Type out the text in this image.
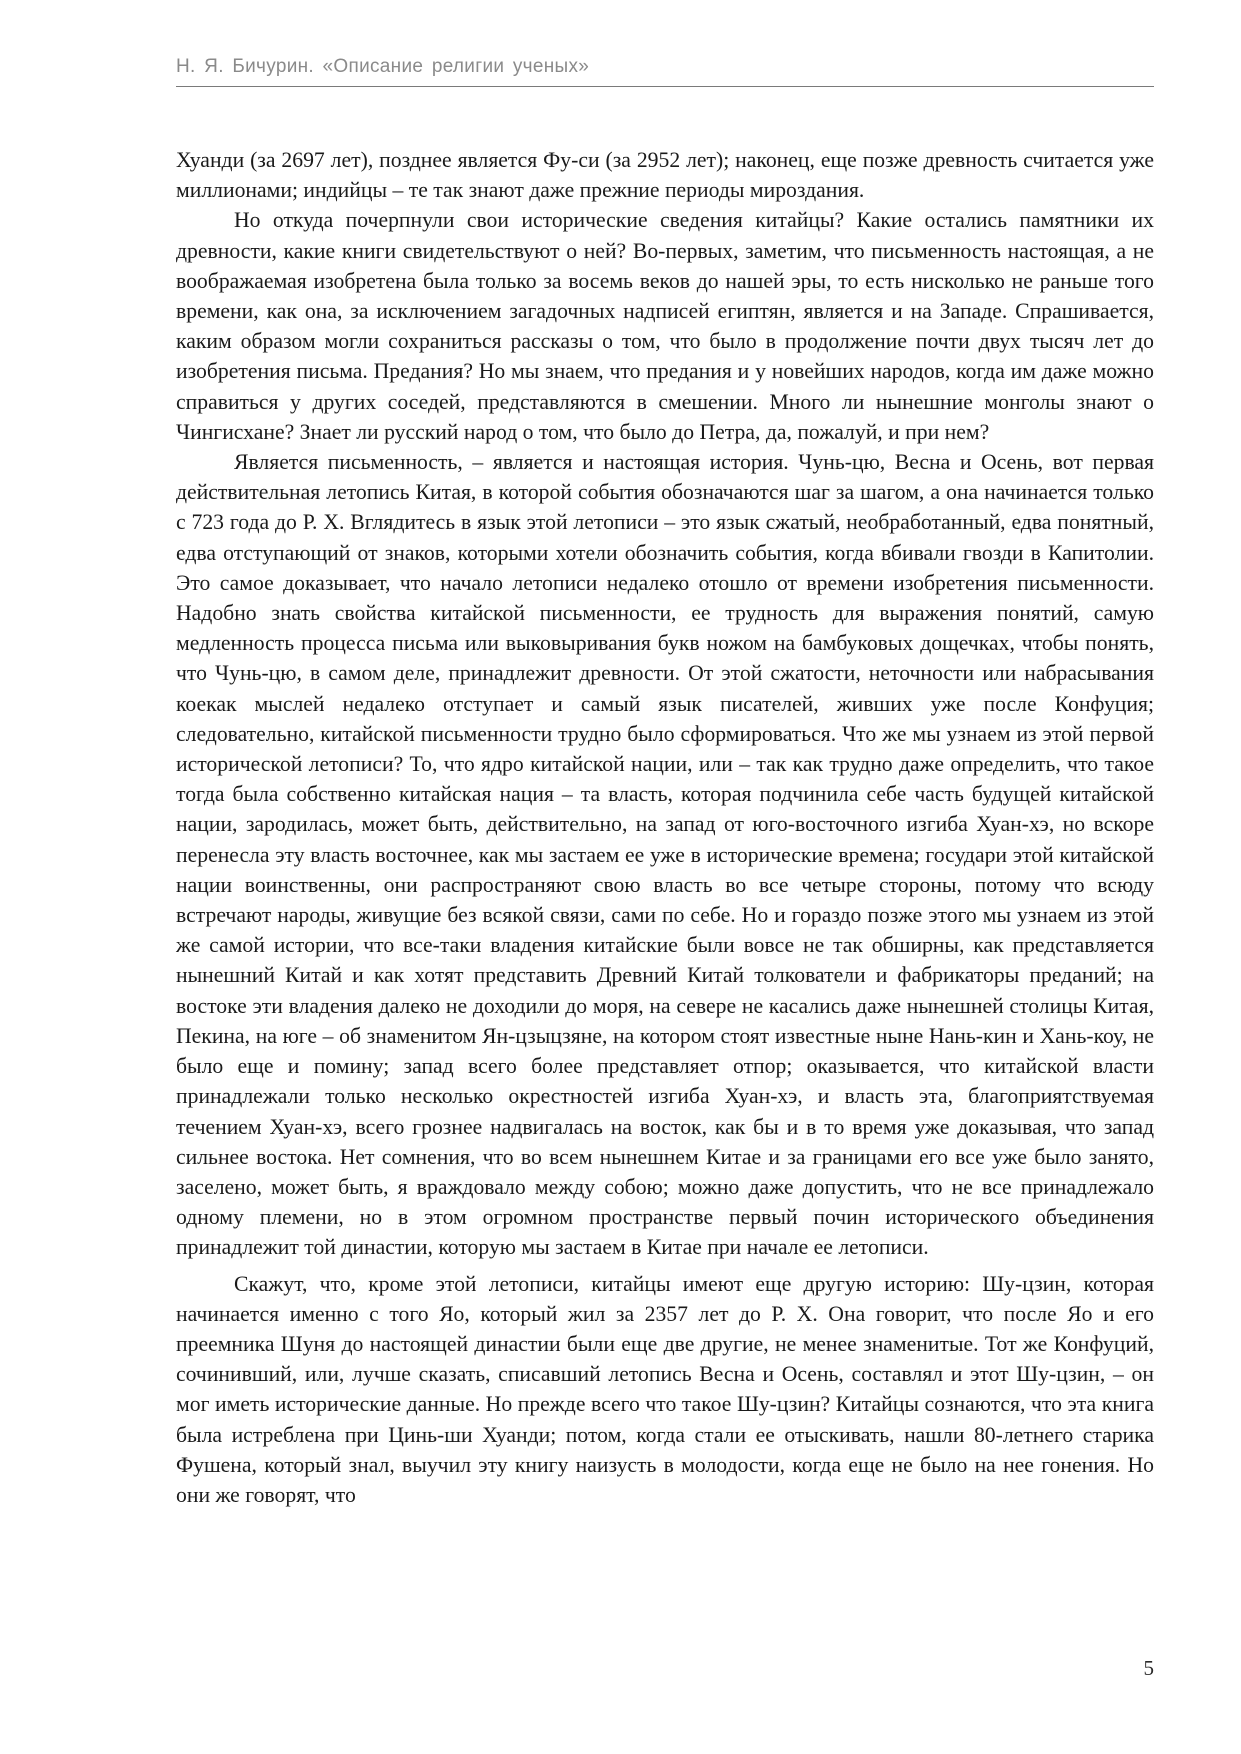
Н. Я. Бичурин. «Описание религии ученых»

Хуанди (за 2697 лет), позднее является Фу-си (за 2952 лет); наконец, еще позже древность считается уже миллионами; индийцы – те так знают даже прежние периоды мироздания.

Но откуда почерпнули свои исторические сведения китайцы? Какие остались памятники их древности, какие книги свидетельствуют о ней? Во-первых, заметим, что письменность настоящая, а не воображаемая изобретена была только за восемь веков до нашей эры, то есть нисколько не раньше того времени, как она, за исключением загадочных надписей египтян, является и на Западе. Спрашивается, каким образом могли сохраниться рассказы о том, что было в продолжение почти двух тысяч лет до изобретения письма. Предания? Но мы знаем, что предания и у новейших народов, когда им даже можно справиться у других соседей, представляются в смешении. Много ли нынешние монголы знают о Чингисхане? Знает ли русский народ о том, что было до Петра, да, пожалуй, и при нем?

Является письменность, – является и настоящая история. Чунь-цю, Весна и Осень, вот первая действительная летопись Китая, в которой события обозначаются шаг за шагом, а она начинается только с 723 года до Р. Х. Вглядитесь в язык этой летописи – это язык сжатый, необработанный, едва понятный, едва отступающий от знаков, которыми хотели обозначить события, когда вбивали гвозди в Капитолии. Это самое доказывает, что начало летописи недалеко отошло от времени изобретения письменности. Надобно знать свойства китайской письменности, ее трудность для выражения понятий, самую медленность процесса письма или выковыривания букв ножом на бамбуковых дощечках, чтобы понять, что Чунь-цю, в самом деле, принадлежит древности. От этой сжатости, неточности или набрасывания коекак мыслей недалеко отступает и самый язык писателей, живших уже после Конфуция; следовательно, китайской письменности трудно было сформироваться. Что же мы узнаем из этой первой исторической летописи? То, что ядро китайской нации, или – так как трудно даже определить, что такое тогда была собственно китайская нация – та власть, которая подчинила себе часть будущей китайской нации, зародилась, может быть, действительно, на запад от юго-восточного изгиба Хуан-хэ, но вскоре перенесла эту власть восточнее, как мы застаем ее уже в исторические времена; государи этой китайской нации воинственны, они распространяют свою власть во все четыре стороны, потому что всюду встречают народы, живущие без всякой связи, сами по себе. Но и гораздо позже этого мы узнаем из этой же самой истории, что все-таки владения китайские были вовсе не так обширны, как представляется нынешний Китай и как хотят представить Древний Китай толкователи и фабрикаторы преданий; на востоке эти владения далеко не доходили до моря, на севере не касались даже нынешней столицы Китая, Пекина, на юге – об знаменитом Ян-цзыцзяне, на котором стоят известные ныне Нань-кин и Хань-коу, не было еще и помину; запад всего более представляет отпор; оказывается, что китайской власти принадлежали только несколько окрестностей изгиба Хуан-хэ, и власть эта, благоприятствуемая течением Хуан-хэ, всего грознее надвигалась на восток, как бы и в то время уже доказывая, что запад сильнее востока. Нет сомнения, что во всем нынешнем Китае и за границами его все уже было занято, заселено, может быть, я враждовало между собою; можно даже допустить, что не все принадлежало одному племени, но в этом огромном пространстве первый почин исторического объединения принадлежит той династии, которую мы застаем в Китае при начале ее летописи.

Скажут, что, кроме этой летописи, китайцы имеют еще другую историю: Шу-цзин, которая начинается именно с того Яо, который жил за 2357 лет до Р. Х. Она говорит, что после Яо и его преемника Шуня до настоящей династии были еще две другие, не менее знаменитые. Тот же Конфуций, сочинивший, или, лучше сказать, списавший летопись Весна и Осень, составлял и этот Шу-цзин, – он мог иметь исторические данные. Но прежде всего что такое Шу-цзин? Китайцы сознаются, что эта книга была истреблена при Цинь-ши Хуанди; потом, когда стали ее отыскивать, нашли 80-летнего старика Фушена, который знал, выучил эту книгу наизусть в молодости, когда еще не было на нее гонения. Но они же говорят, что

5
